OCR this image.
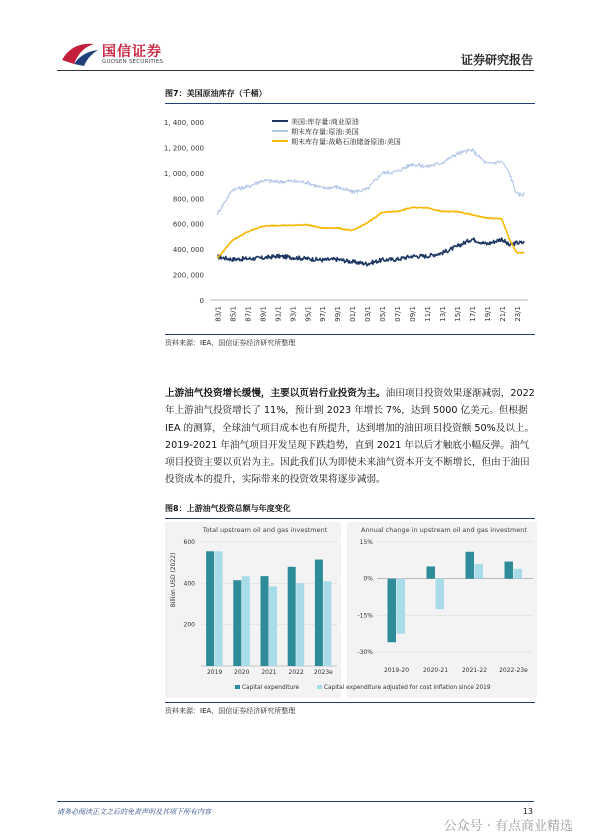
国信证券
GUOSEN SECURITIES	证券研究报告
图7：美国原油库存（千桶）
0
200, 000
400, 000
600, 000
800, 000
1, 000, 000
1, 200, 000
1, 400, 000
83/1 85/1 87/1 89/1 91/1 93/1 95/1 97/1 99/1 01/1 03/1 05/1 07/1 09/1 11/1 13/1 15/1 17/1 19/1 21/1 23/1
美国:库存量:商业原油
期末库存量:原油:美国
期末库存量:战略石油储备原油:美国
资料来源：IEA，国信证券经济研究所整理
上游油气投资增长缓慢，主要以页岩行业投资为主。油田项目投资效果逐渐减弱，2022 年上游油气投资增长了 11%，预计到 2023 年增长 7%，达到 5000 亿美元。但根据 IEA 的测算，全球油气项目成本也有所提升，达到增加的油田项目投资额 50%及以上。2019-2021 年油气项目开发呈现下跌趋势，直到 2021 年以后才触底小幅反弹。油气项目投资主要以页岩为主。因此我们认为即使未来油气资本开支不断增长，但由于油田投资成本的提升，实际带来的投资效果将逐步减弱。
图8：上游油气投资总额与年度变化
Total upstream oil and gas investment
Billion USD (2022)
200
400
600
2019 2020 2021 2022 2023e
Annual change in upstream oil and gas investment
15%
0%
-15%
-30%
2019-20 2020-21 2021-22 2022-23e
Capital expenditure	Capital expenditure adjusted for cost inflation since 2019
资料来源：IEA，国信证券经济研究所整理
请务必阅读正文之后的免责声明及其项下所有内容	13
公众号 · 有点商业精选
